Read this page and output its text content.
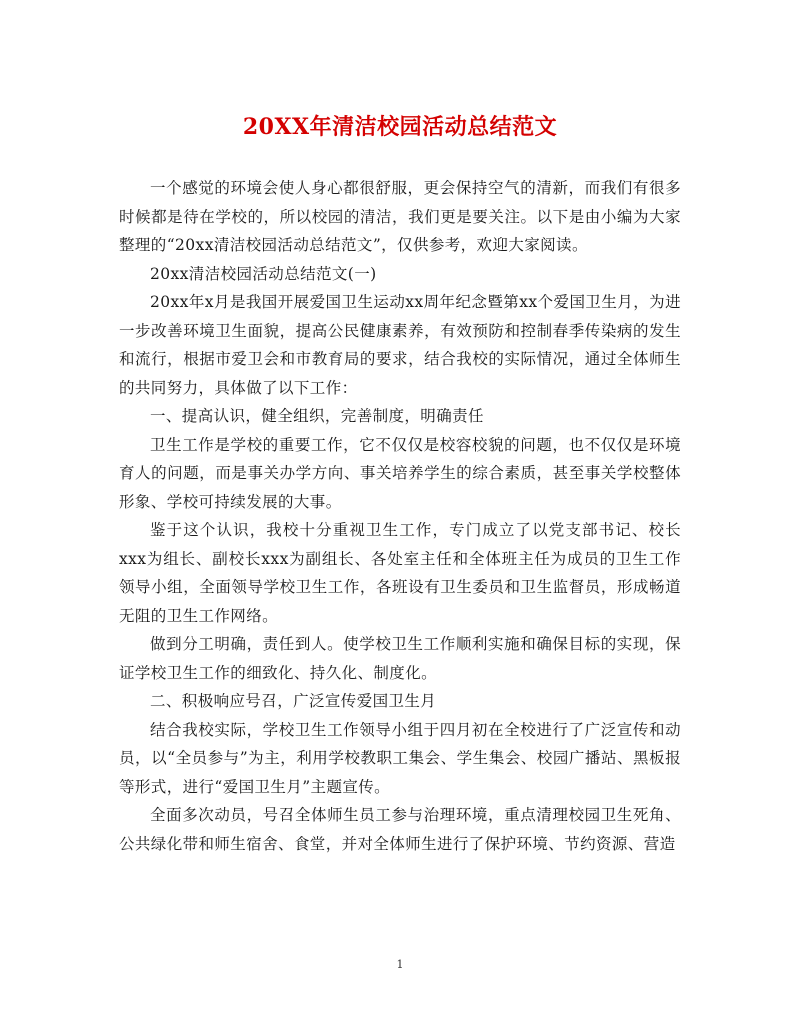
20XX年清洁校园活动总结范文

一个感觉的环境会使人身心都很舒服，更会保持空气的清新，而我们有很多时候都是待在学校的，所以校园的清洁，我们更是要关注。以下是由小编为大家整理的“20xx清洁校园活动总结范文”，仅供参考，欢迎大家阅读。

20xx清洁校园活动总结范文(一)

20xx年x月是我国开展爱国卫生运动xx周年纪念暨第xx个爱国卫生月，为进一步改善环境卫生面貌，提高公民健康素养，有效预防和控制春季传染病的发生和流行，根据市爱卫会和市教育局的要求，结合我校的实际情况，通过全体师生的共同努力，具体做了以下工作：

一、提高认识，健全组织，完善制度，明确责任

卫生工作是学校的重要工作，它不仅仅是校容校貌的问题，也不仅仅是环境育人的问题，而是事关办学方向、事关培养学生的综合素质，甚至事关学校整体形象、学校可持续发展的大事。

鉴于这个认识，我校十分重视卫生工作，专门成立了以党支部书记、校长xxx为组长、副校长xxx为副组长、各处室主任和全体班主任为成员的卫生工作领导小组，全面领导学校卫生工作，各班设有卫生委员和卫生监督员，形成畅道无阻的卫生工作网络。

做到分工明确，责任到人。使学校卫生工作顺利实施和确保目标的实现，保证学校卫生工作的细致化、持久化、制度化。

二、积极响应号召，广泛宣传爱国卫生月

结合我校实际，学校卫生工作领导小组于四月初在全校进行了广泛宣传和动员，以“全员参与”为主，利用学校教职工集会、学生集会、校园广播站、黑板报等形式，进行“爱国卫生月”主题宣传。

全面多次动员，号召全体师生员工参与治理环境，重点清理校园卫生死角、公共绿化带和师生宿舍、食堂，并对全体师生进行了保护环境、节约资源、营造

1
